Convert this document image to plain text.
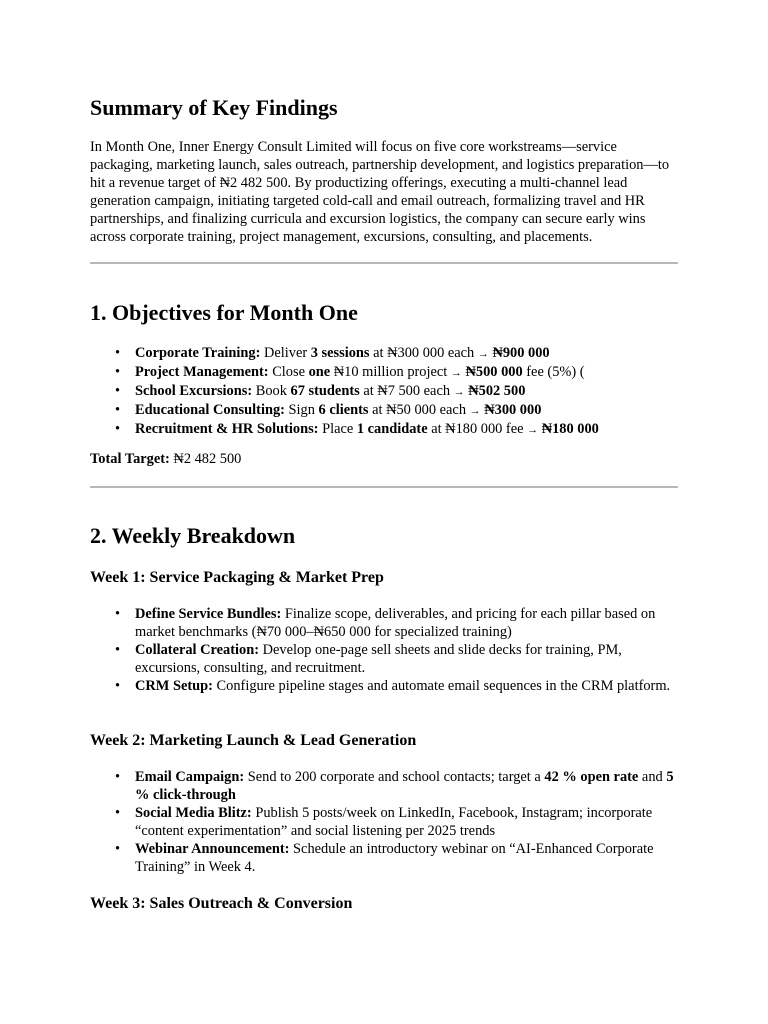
Summary of Key Findings

In Month One, Inner Energy Consult Limited will focus on five core workstreams—service packaging, marketing launch, sales outreach, partnership development, and logistics preparation—to hit a revenue target of ₦2 482 500. By productizing offerings, executing a multi-channel lead generation campaign, initiating targeted cold-call and email outreach, formalizing travel and HR partnerships, and finalizing curricula and excursion logistics, the company can secure early wins across corporate training, project management, excursions, consulting, and placements.

1. Objectives for Month One
• Corporate Training: Deliver 3 sessions at ₦300 000 each → ₦900 000
• Project Management: Close one ₦10 million project → ₦500 000 fee (5%) (
• School Excursions: Book 67 students at ₦7 500 each → ₦502 500
• Educational Consulting: Sign 6 clients at ₦50 000 each → ₦300 000
• Recruitment & HR Solutions: Place 1 candidate at ₦180 000 fee → ₦180 000

Total Target: ₦2 482 500

2. Weekly Breakdown
Week 1: Service Packaging & Market Prep
• Define Service Bundles: Finalize scope, deliverables, and pricing for each pillar based on market benchmarks (₦70 000–₦650 000 for specialized training)
• Collateral Creation: Develop one-page sell sheets and slide decks for training, PM, excursions, consulting, and recruitment.
• CRM Setup: Configure pipeline stages and automate email sequences in the CRM platform.
Week 2: Marketing Launch & Lead Generation
• Email Campaign: Send to 200 corporate and school contacts; target a 42 % open rate and 5 % click-through
• Social Media Blitz: Publish 5 posts/week on LinkedIn, Facebook, Instagram; incorporate “content experimentation” and social listening per 2025 trends
• Webinar Announcement: Schedule an introductory webinar on “AI-Enhanced Corporate Training” in Week 4.
Week 3: Sales Outreach & Conversion
